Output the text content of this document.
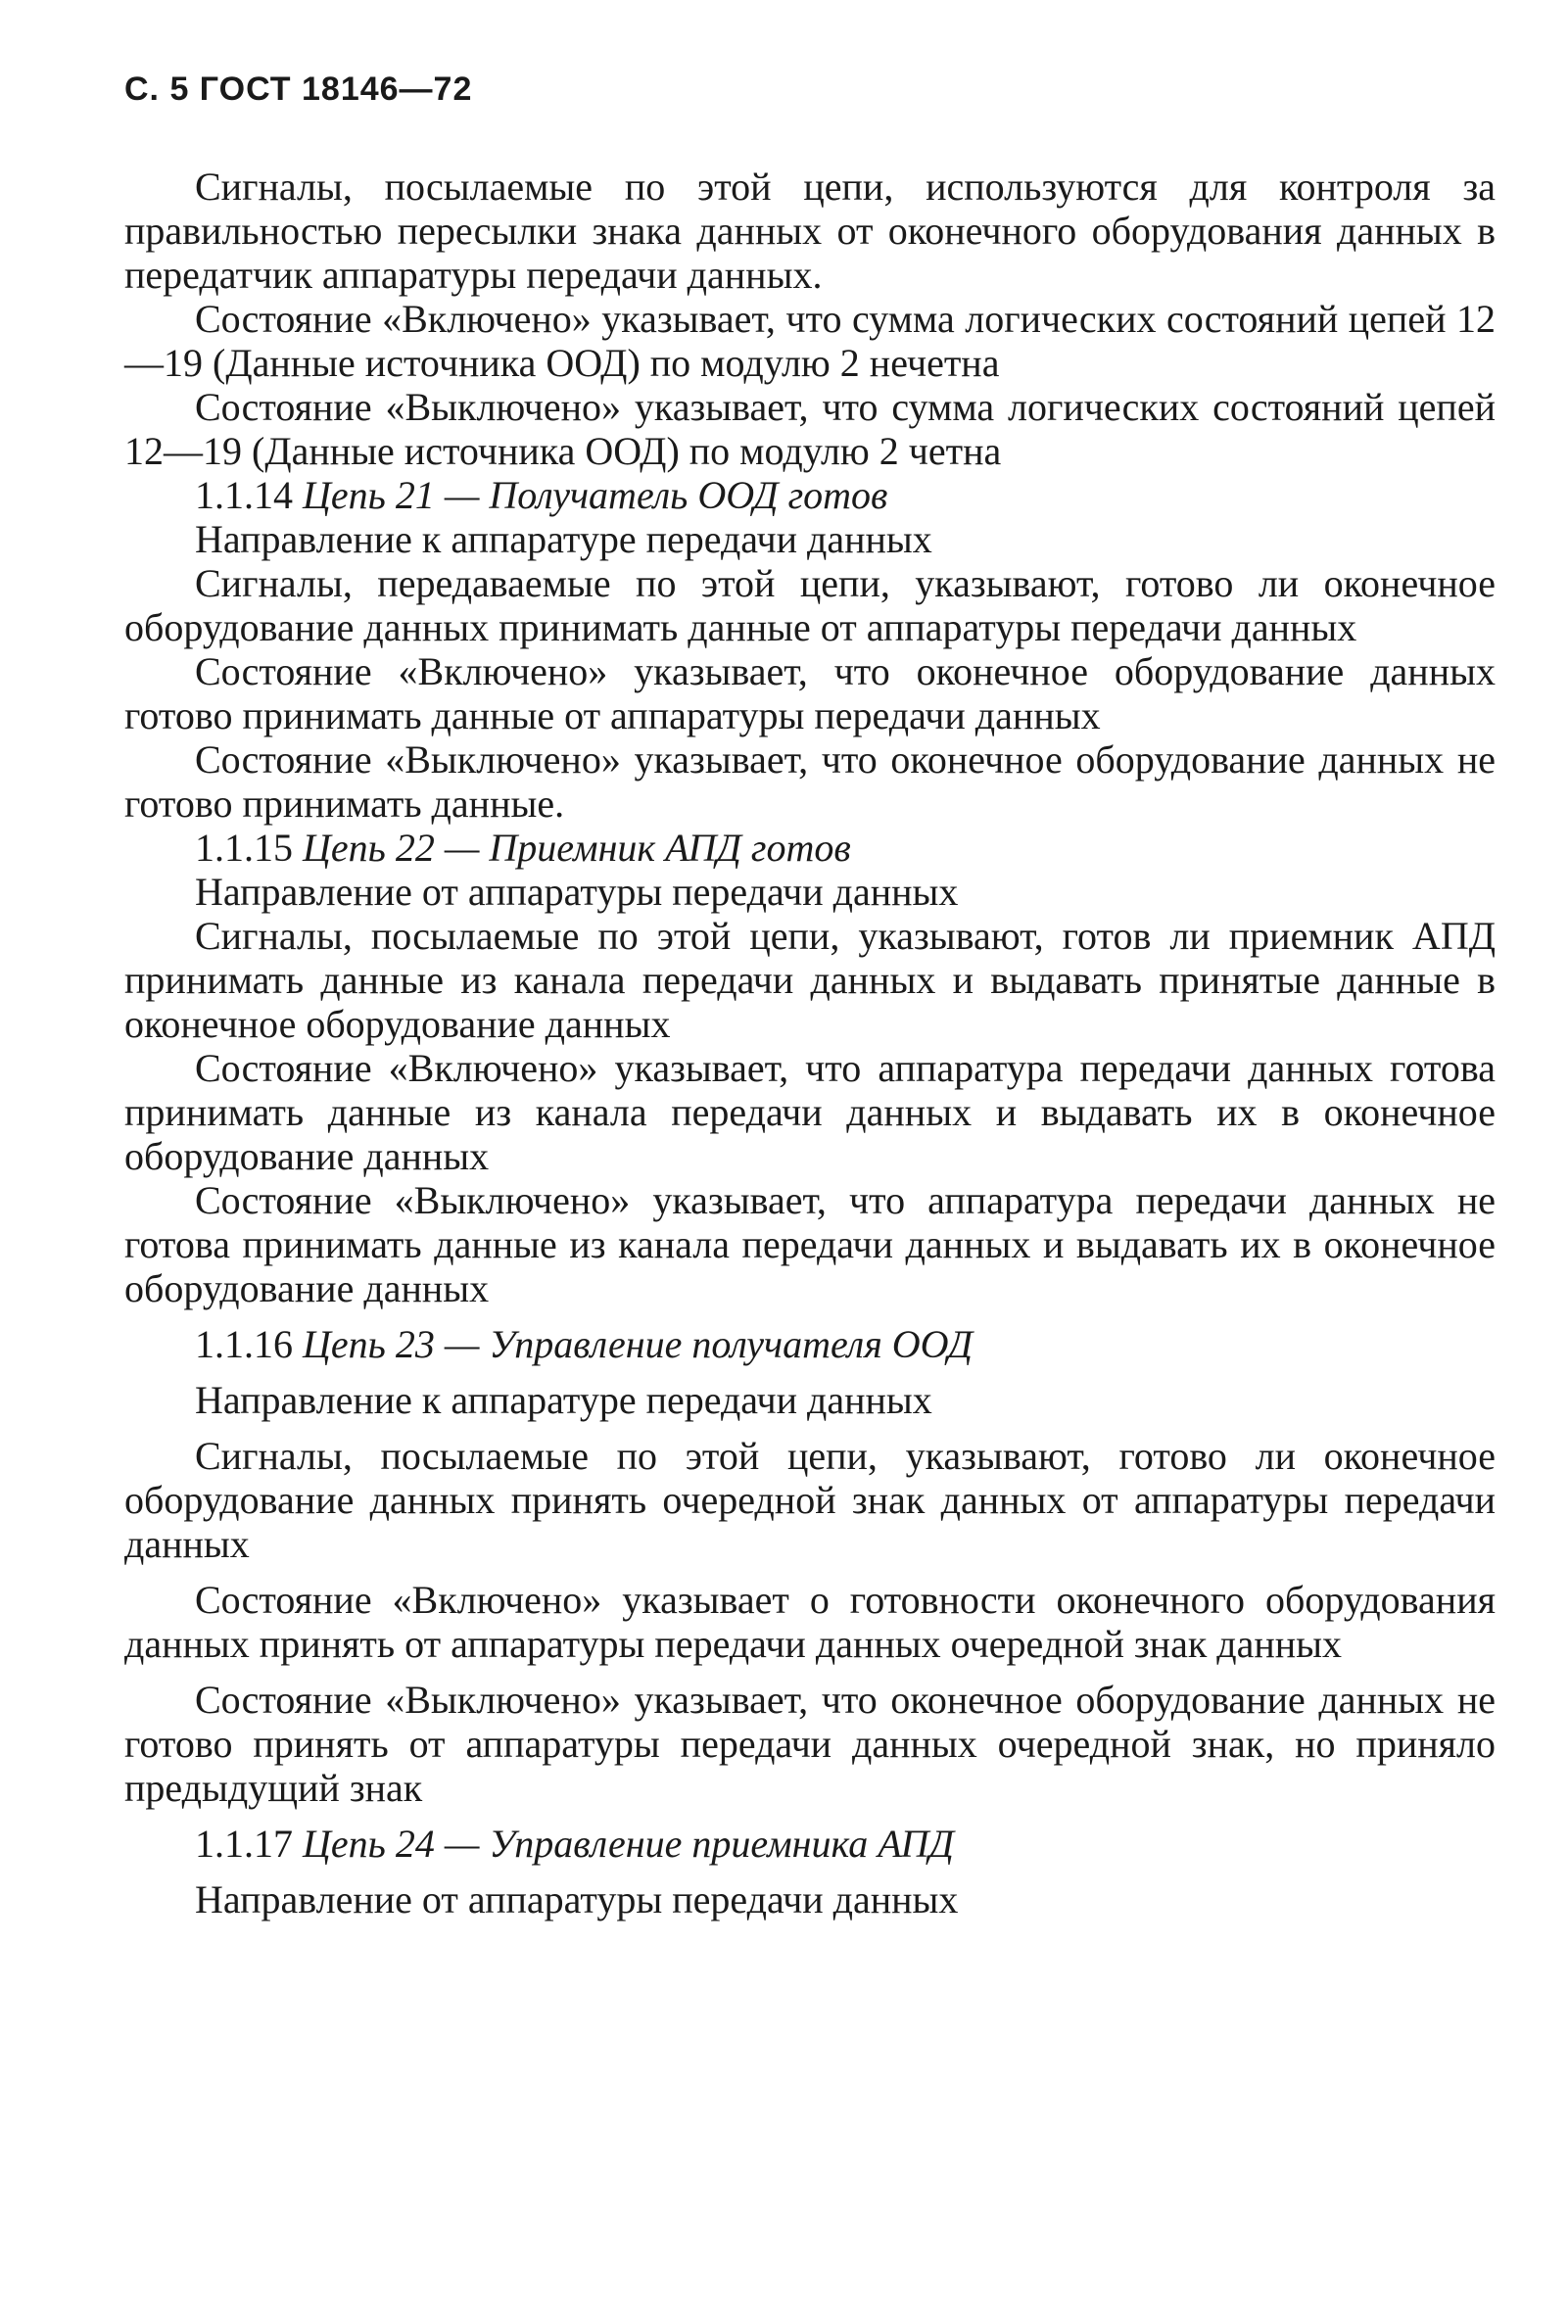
С. 5 ГОСТ 18146—72

Сигналы, посылаемые по этой цепи, используются для контроля за правильностью пересылки знака данных от оконечного оборудования данных в передатчик аппаратуры передачи данных.

Состояние «Включено» указывает, что сумма логических состояний цепей 12—19 (Данные источника ООД) по модулю 2 нечетна

Состояние «Выключено» указывает, что сумма логических состояний цепей 12—19 (Данные источника ООД) по модулю 2 четна

1.1.14 Цепь 21 — Получатель ООД готов

Направление к аппаратуре передачи данных

Сигналы, передаваемые по этой цепи, указывают, готово ли оконечное оборудование данных принимать данные от аппаратуры передачи данных

Состояние «Включено» указывает, что оконечное оборудование данных готово принимать данные от аппаратуры передачи данных

Состояние «Выключено» указывает, что оконечное оборудование данных не готово принимать данные.

1.1.15 Цепь 22 — Приемник АПД готов

Направление от аппаратуры передачи данных

Сигналы, посылаемые по этой цепи, указывают, готов ли приемник АПД принимать данные из канала передачи данных и выдавать принятые данные в оконечное оборудование данных

Состояние «Включено» указывает, что аппаратура передачи данных готова принимать данные из канала передачи данных и выдавать их в оконечное оборудование данных

Состояние «Выключено» указывает, что аппаратура передачи данных не готова принимать данные из канала передачи данных и выдавать их в оконечное оборудование данных

1.1.16 Цепь 23 — Управление получателя ООД

Направление к аппаратуре передачи данных

Сигналы, посылаемые по этой цепи, указывают, готово ли оконечное оборудование данных принять очередной знак данных от аппаратуры передачи данных

Состояние «Включено» указывает о готовности оконечного оборудования данных принять от аппаратуры передачи данных очередной знак данных

Состояние «Выключено» указывает, что оконечное оборудование данных не готово принять от аппаратуры передачи данных очередной знак, но приняло предыдущий знак

1.1.17 Цепь 24 — Управление приемника АПД

Направление от аппаратуры передачи данных
